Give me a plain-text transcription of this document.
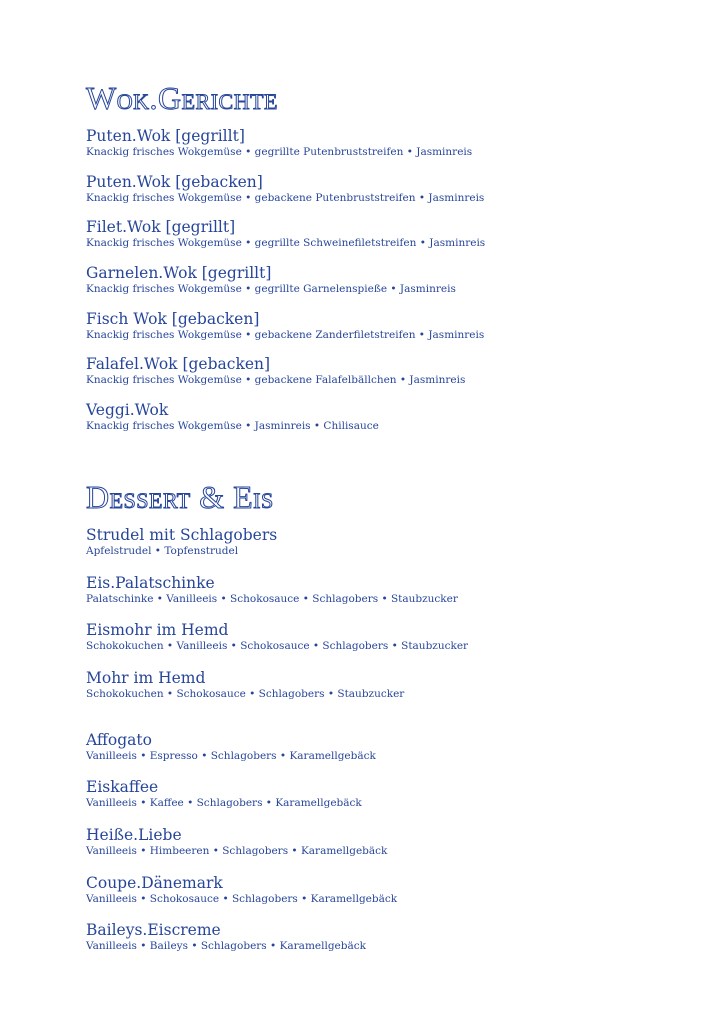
Wok.Gerichte
Puten.Wok [gegrillt]
Knackig frisches Wokgemüse • gegrillte Putenbruststreifen • Jasminreis
Puten.Wok [gebacken]
Knackig frisches Wokgemüse • gebackene Putenbruststreifen • Jasminreis
Filet.Wok [gegrillt]
Knackig frisches Wokgemüse • gegrillte Schweinefiletstreifen • Jasminreis
Garnelen.Wok [gegrillt]
Knackig frisches Wokgemüse • gegrillte Garnelenspieße • Jasminreis
Fisch Wok [gebacken]
Knackig frisches Wokgemüse • gebackene Zanderfiletstreifen • Jasminreis
Falafel.Wok [gebacken]
Knackig frisches Wokgemüse • gebackene Falafelbällchen • Jasminreis
Veggi.Wok
Knackig frisches Wokgemüse • Jasminreis • Chilisauce
Dessert & Eis
Strudel mit Schlagobers
Apfelstrudel • Topfenstrudel
Eis.Palatschinke
Palatschinke • Vanilleeis • Schokosauce • Schlagobers • Staubzucker
Eismohr im Hemd
Schokokuchen • Vanilleeis • Schokosauce • Schlagobers • Staubzucker
Mohr im Hemd
Schokokuchen • Schokosauce • Schlagobers • Staubzucker
Affogato
Vanilleeis • Espresso • Schlagobers • Karamellgebäck
Eiskaffee
Vanilleeis • Kaffee • Schlagobers • Karamellgebäck
Heiße.Liebe
Vanilleeis • Himbeeren • Schlagobers • Karamellgebäck
Coupe.Dänemark
Vanilleeis • Schokosauce • Schlagobers • Karamellgebäck
Baileys.Eiscreme
Vanilleeis • Baileys • Schlagobers • Karamellgebäck
